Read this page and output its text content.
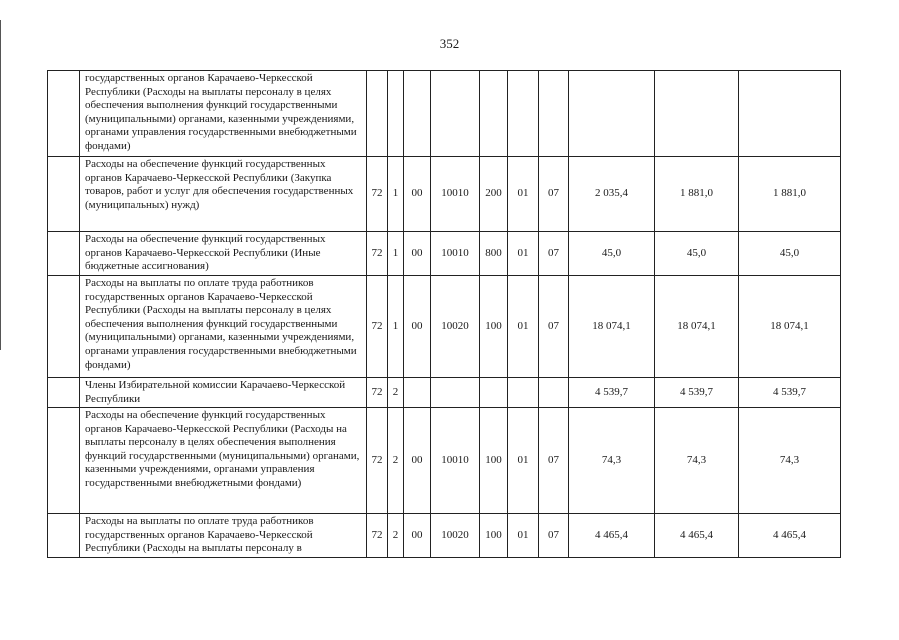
352
	государственных органов Карачаево-Черкесской Республики (Расходы на выплаты персоналу в целях обеспечения выполнения функций государственными (муниципальными) органами, казенными учреждениями, органами управления государственными внебюджетными фондами)										
	Расходы на обеспечение функций государственных органов Карачаево-Черкесской Республики (Закупка товаров, работ и услуг для обеспечения государственных (муниципальных) нужд)	72	1	00	10010	200	01	07	2 035,4	1 881,0	1 881,0
	Расходы на обеспечение функций государственных органов Карачаево-Черкесской Республики (Иные бюджетные ассигнования)	72	1	00	10010	800	01	07	45,0	45,0	45,0
	Расходы на выплаты по оплате труда работников государственных органов Карачаево-Черкесской Республики (Расходы на выплаты персоналу в целях обеспечения выполнения функций государственными (муниципальными) органами, казенными учреждениями, органами управления государственными внебюджетными фондами)	72	1	00	10020	100	01	07	18 074,1	18 074,1	18 074,1
	Члены Избирательной комиссии Карачаево-Черкесской Республики	72	2						4 539,7	4 539,7	4 539,7
	Расходы на обеспечение функций государственных органов Карачаево-Черкесской Республики (Расходы на выплаты персоналу в целях обеспечения выполнения функций государственными (муниципальными) органами, казенными учреждениями, органами управления государственными внебюджетными фондами)	72	2	00	10010	100	01	07	74,3	74,3	74,3
	Расходы на выплаты по оплате труда работников государственных органов Карачаево-Черкесской Республики (Расходы на выплаты персоналу в	72	2	00	10020	100	01	07	4 465,4	4 465,4	4 465,4
